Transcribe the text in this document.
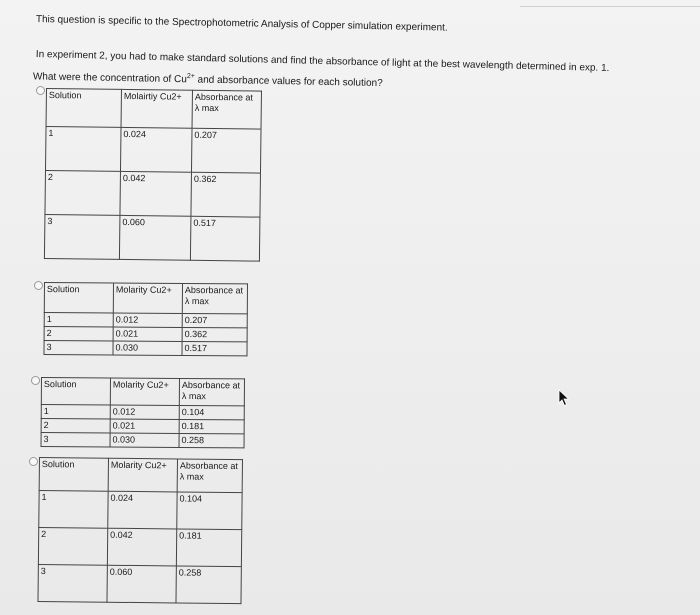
This question is specific to the Spectrophotometric Analysis of Copper simulation experiment.
In experiment 2, you had to make standard solutions and find the absorbance of light at the best wavelength determined in exp. 1.
What were the concentration of $Cu^{2+}$ and absorbance values for each solution?
Solution	Molairtiy Cu2+	Absorbance at λ max
1	0.024	0.207
2	0.042	0.362
3	0.060	0.517
Solution	Molarity Cu2+	Absorbance at λ max
1	0.012	0.207
2	0.021	0.362
3	0.030	0.517
Solution	Molarity Cu2+	Absorbance at λ max
1	0.012	0.104
2	0.021	0.181
3	0.030	0.258
Solution	Molarity Cu2+	Absorbance at λ max
1	0.024	0.104
2	0.042	0.181
3	0.060	0.258
